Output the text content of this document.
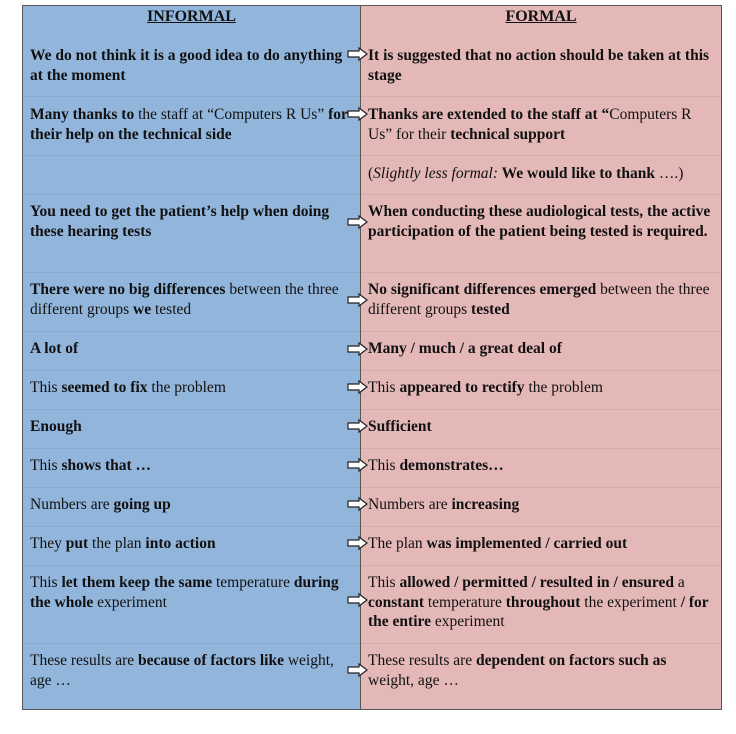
INFORMAL
We do not think it is a good idea to do anything at the moment
Many thanks to the staff at “Computers R Us” for their help on the technical side
You need to get the patient’s help when doing these hearing tests
There were no big differences between the three different groups we tested
A lot of
This seemed to fix the problem
Enough
This shows that …
Numbers are going up
They put the plan into action
This let them keep the same temperature during the whole experiment
These results are because of factors like weight, age …
FORMAL
It is suggested that no action should be taken at this stage
Thanks are extended to the staff at “Computers R Us” for their technical support
(Slightly less formal: We would like to thank ….)
When conducting these audiological tests, the active participation of the patient being tested is required.
No significant differences emerged between the three different groups tested
Many / much / a great deal of
This appeared to rectify the problem
Sufficient
This demonstrates…
Numbers are increasing
The plan was implemented / carried out
This allowed / permitted / resulted in / ensured a constant temperature throughout the experiment / for the entire experiment
These results are dependent on factors such as weight, age …
